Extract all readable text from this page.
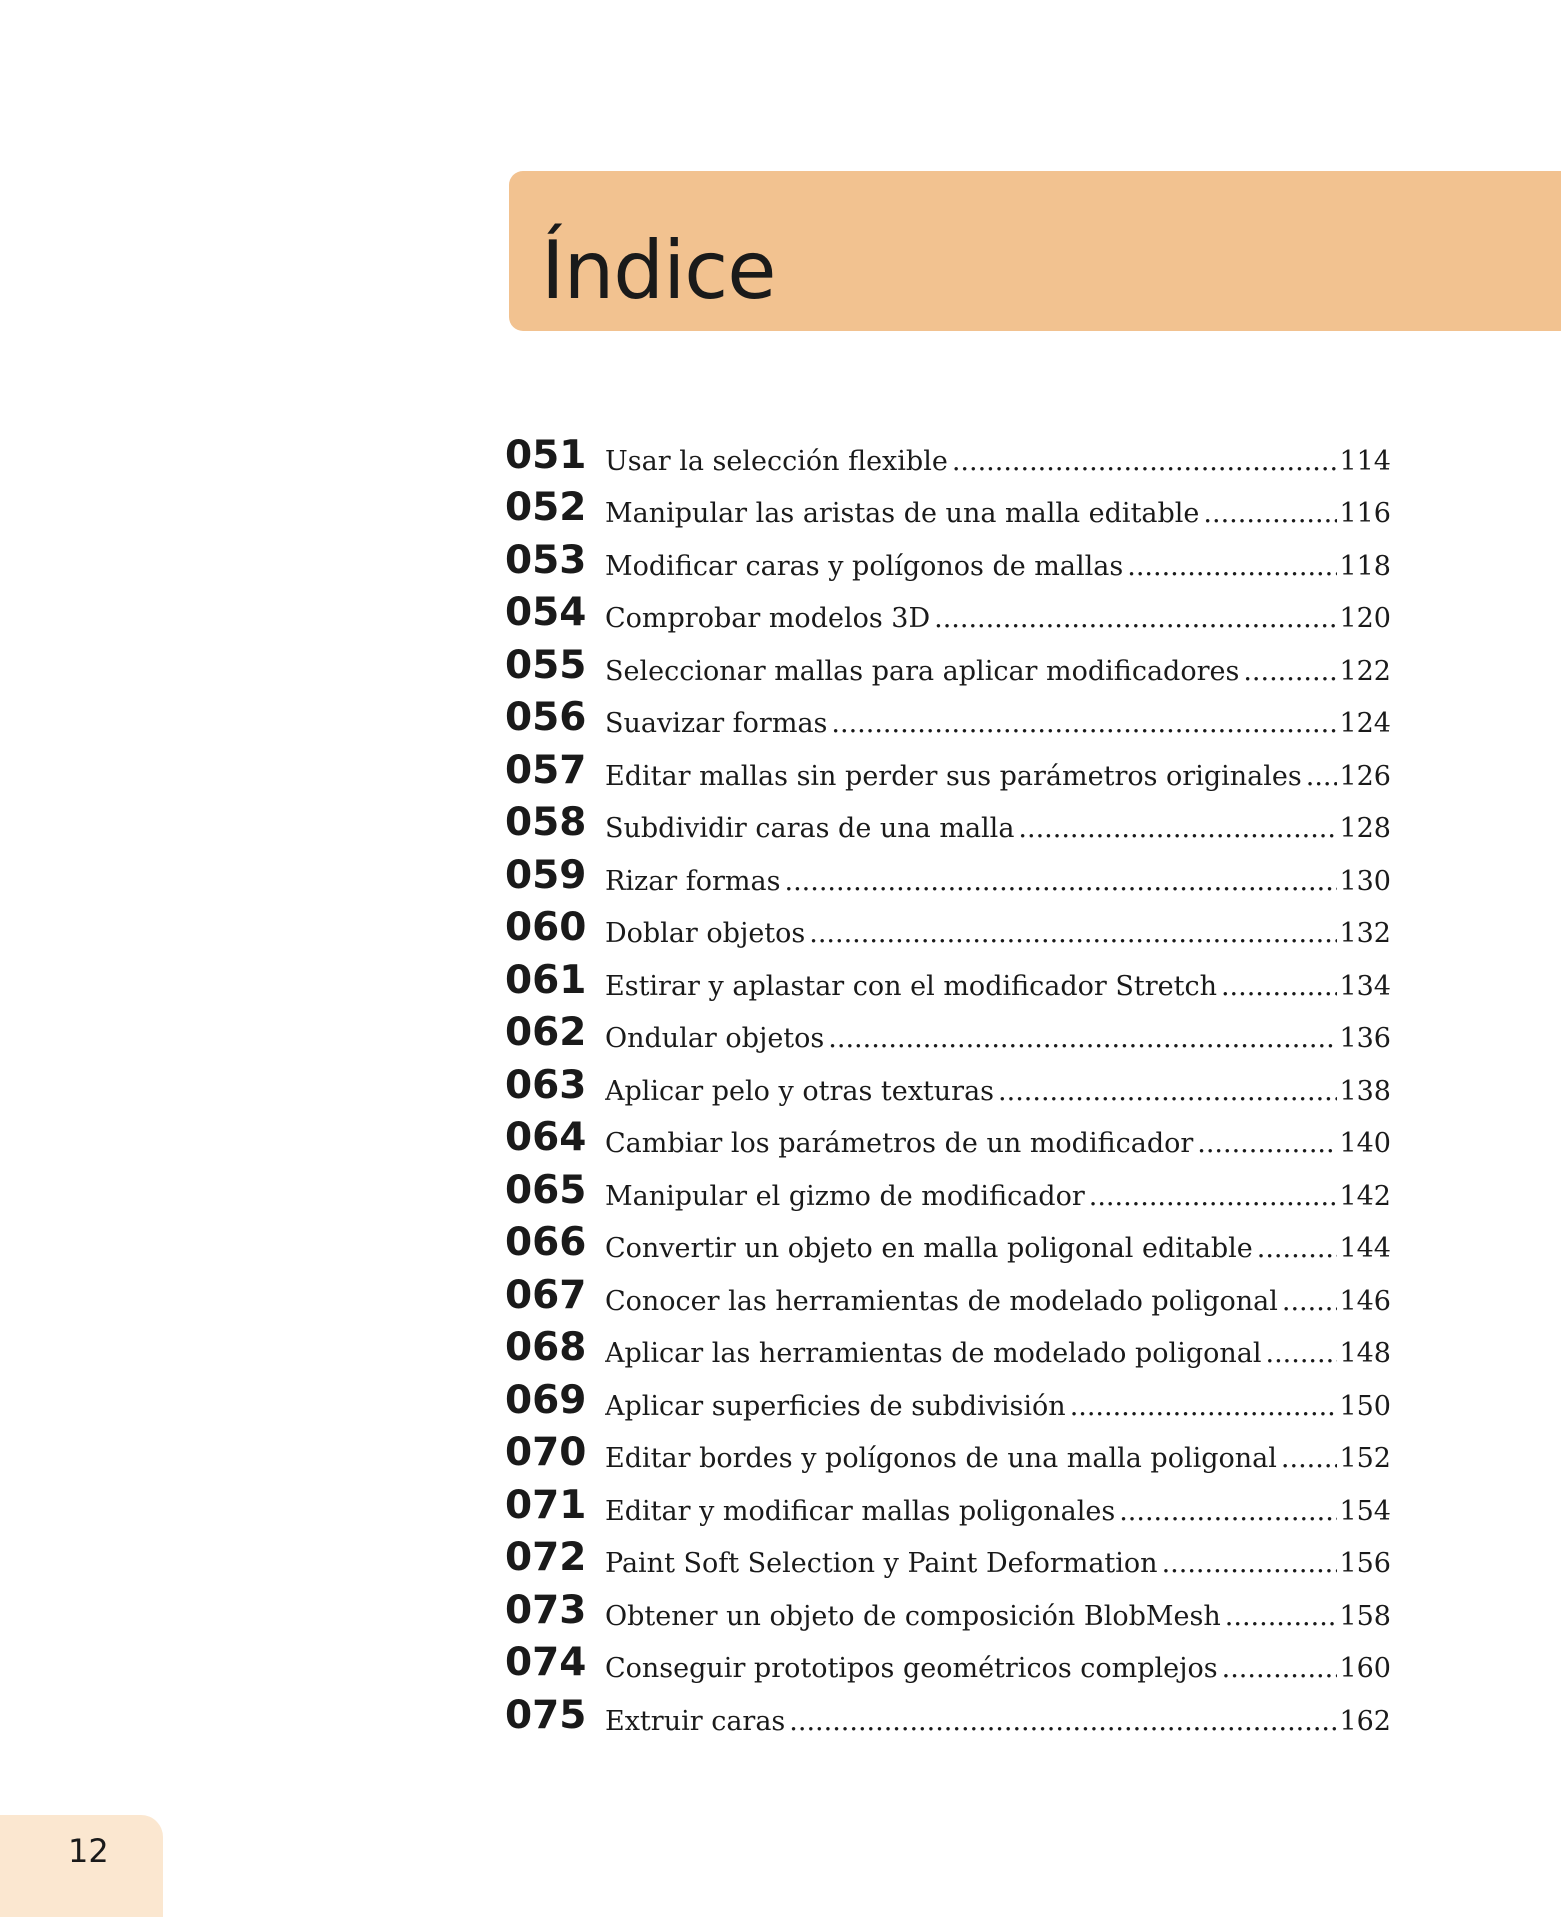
Índice
051 Usar la selección flexible .....	114
052 Manipular las aristas de una malla editable .....	116
053 Modificar caras y polígonos de mallas .....	118
054 Comprobar modelos 3D .....	120
055 Seleccionar mallas para aplicar modificadores .....	122
056 Suavizar formas .....	124
057 Editar mallas sin perder sus parámetros originales ..... 126
058 Subdividir caras de una malla .....	128
059 Rizar formas .....	130
060 Doblar objetos .....	132
061 Estirar y aplastar con el modificador Stretch .....	134
062 Ondular objetos .....	136
063 Aplicar pelo y otras texturas .....	138
064 Cambiar los parámetros de un modificador .....	140
065 Manipular el gizmo de modificador .....	142
066 Convertir un objeto en malla poligonal editable .....	144
067 Conocer las herramientas de modelado poligonal ..... 146
068 Aplicar las herramientas de modelado poligonal .....	148
069 Aplicar superficies de subdivisión .....	150
070 Editar bordes y polígonos de una malla poligonal ..... 152
071 Editar y modificar mallas poligonales .....	154
072 Paint Soft Selection y Paint Deformation .....	156
073 Obtener un objeto de composición BlobMesh .....	158
074 Conseguir prototipos geométricos complejos .....	160
075 Extruir caras .....	162
12
